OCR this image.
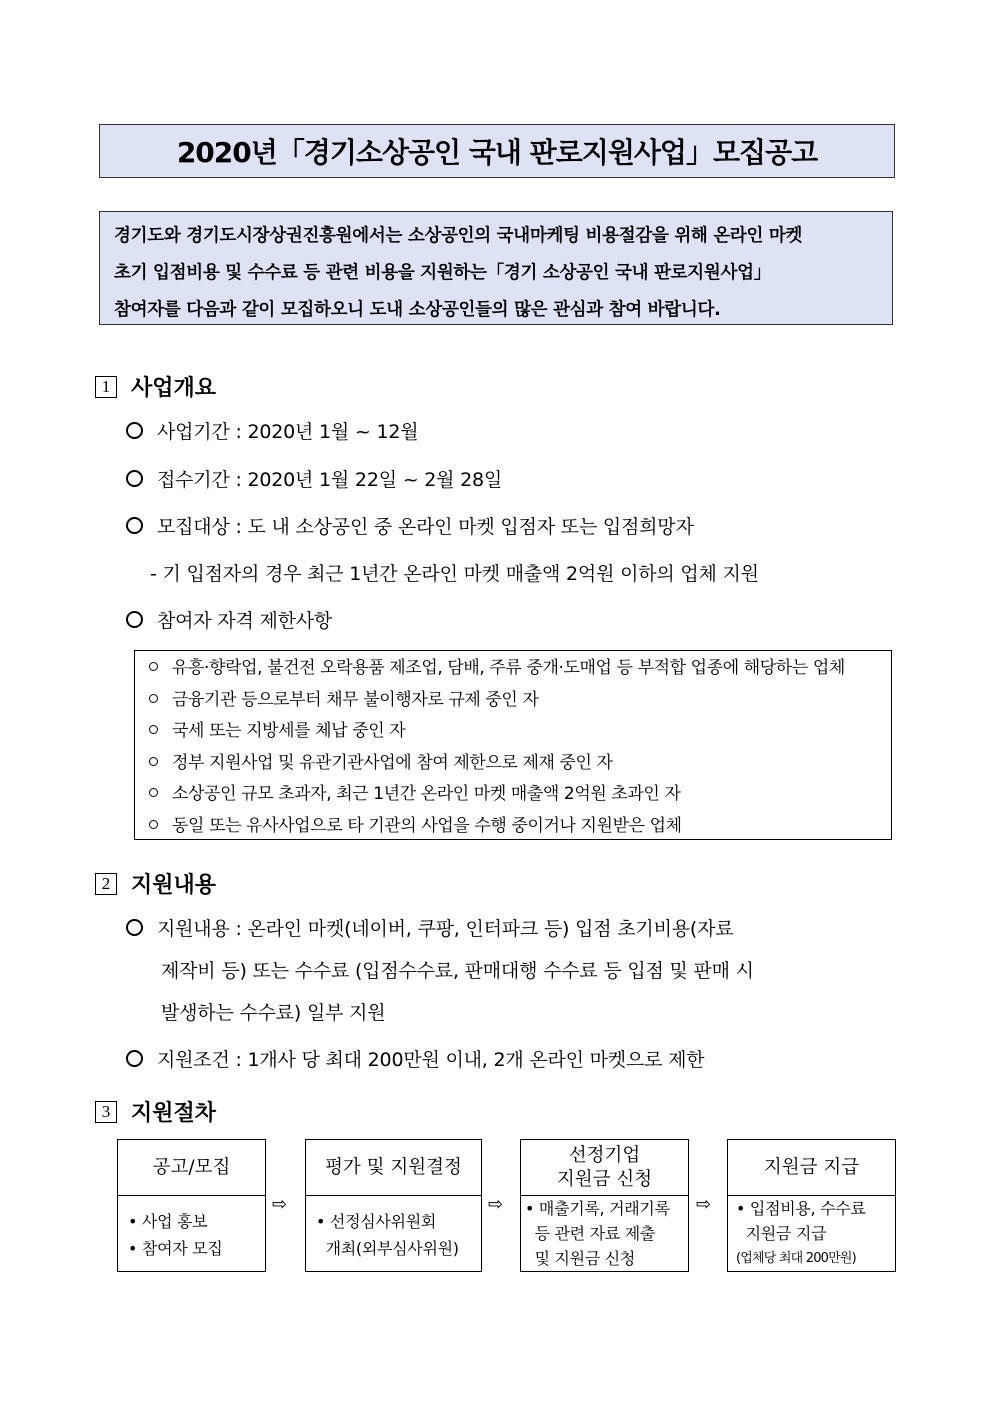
2020년「경기소상공인 국내 판로지원사업」모집공고
경기도와 경기도시장상권진흥원에서는 소상공인의 국내마케팅 비용절감을 위해 온라인 마켓
초기 입점비용 및 수수료 등 관련 비용을 지원하는「경기 소상공인 국내 판로지원사업」
참여자를 다음과 같이 모집하오니 도내 소상공인들의 많은 관심과 참여 바랍니다.
1 사업개요
사업기간 : 2020년 1월 ~ 12월
접수기간 : 2020년 1월 22일 ~ 2월 28일
모집대상 : 도 내 소상공인 중 온라인 마켓 입점자 또는 입점희망자
- 기 입점자의 경우 최근 1년간 온라인 마켓 매출액 2억원 이하의 업체 지원
참여자 자격 제한사항
유흥·향락업, 불건전 오락용품 제조업, 담배, 주류 중개·도매업 등 부적합 업종에 해당하는 업체
금융기관 등으로부터 채무 불이행자로 규제 중인 자
국세 또는 지방세를 체납 중인 자
정부 지원사업 및 유관기관사업에 참여 제한으로 제재 중인 자
소상공인 규모 초과자, 최근 1년간 온라인 마켓 매출액 2억원 초과인 자
동일 또는 유사사업으로 타 기관의 사업을 수행 중이거나 지원받은 업체
2 지원내용
지원내용 : 온라인 마켓(네이버, 쿠팡, 인터파크 등) 입점 초기비용(자료
제작비 등) 또는 수수료 (입점수수료, 판매대행 수수료 등 입점 및 판매 시
발생하는 수수료) 일부 지원
지원조건 : 1개사 당 최대 200만원 이내, 2개 온라인 마켓으로 제한
3 지원절차
공고/모집
• 사업 홍보
• 참여자 모집
⇨
평가 및 지원결정
• 선정심사위원회
개최(외부심사위원)
⇨
선정기업
지원금 신청
• 매출기록, 거래기록
등 관련 자료 제출
및 지원금 신청
⇨
지원금 지급
• 입점비용, 수수료
지원금 지급
(업체당 최대 200만원)
